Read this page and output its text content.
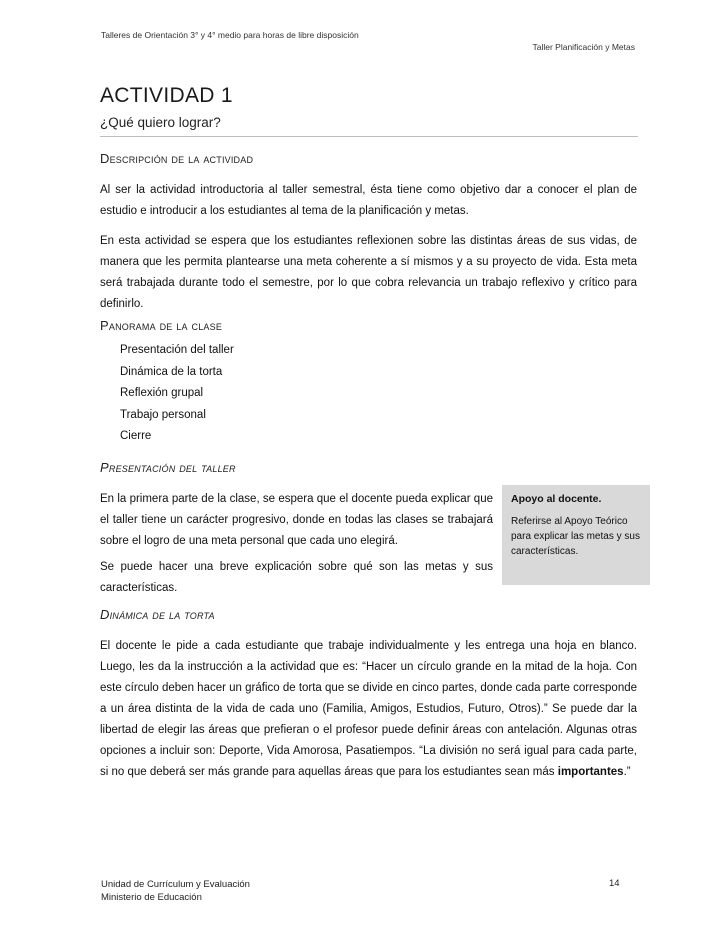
Talleres de Orientación 3° y 4° medio para horas de libre disposición
Taller Planificación y Metas
ACTIVIDAD 1
¿Qué quiero lograr?
Descripción de la actividad
Al ser la actividad introductoria al taller semestral, ésta tiene como objetivo dar a conocer el plan de estudio e introducir a los estudiantes al tema de la planificación y metas.
En esta actividad se espera que los estudiantes reflexionen sobre las distintas áreas de sus vidas, de manera que les permita plantearse una meta coherente a sí mismos y a su proyecto de vida. Esta meta será trabajada durante todo el semestre, por lo que cobra relevancia un trabajo reflexivo y crítico para definirlo.
Panorama de la clase
Presentación del taller
Dinámica de la torta
Reflexión grupal
Trabajo personal
Cierre
Presentación del taller
En la primera parte de la clase, se espera que el docente pueda explicar que el taller tiene un carácter progresivo, donde en todas las clases se trabajará sobre el logro de una meta personal que cada uno elegirá.
Se puede hacer una breve explicación sobre qué son las metas y sus características.
Apoyo al docente.
Referirse al Apoyo Teórico para explicar las metas y sus características.
Dinámica de la torta
El docente le pide a cada estudiante que trabaje individualmente y les entrega una hoja en blanco. Luego, les da la instrucción a la actividad que es: “Hacer un círculo grande en la mitad de la hoja. Con este círculo deben hacer un gráfico de torta que se divide en cinco partes, donde cada parte corresponde a un área distinta de la vida de cada uno (Familia, Amigos, Estudios, Futuro, Otros).” Se puede dar la libertad de elegir las áreas que prefieran o el profesor puede definir áreas con antelación. Algunas otras opciones a incluir son: Deporte, Vida Amorosa, Pasatiempos. “La división no será igual para cada parte, si no que deberá ser más grande para aquellas áreas que para los estudiantes sean más importantes.”
Unidad de Currículum y Evaluación
Ministerio de Educación
14
